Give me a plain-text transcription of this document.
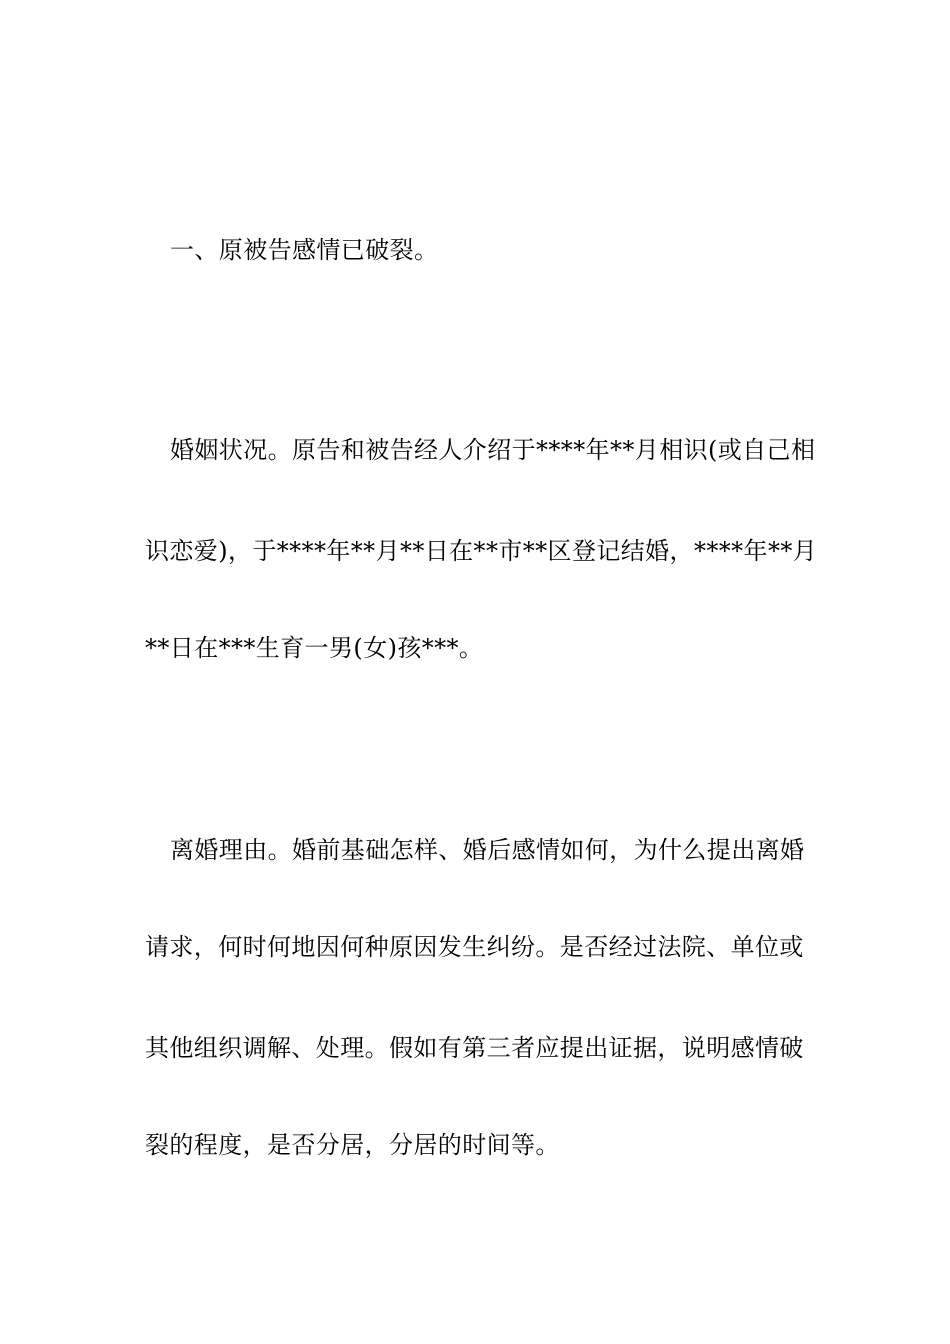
一、原被告感情已破裂。
婚姻状况。原告和被告经人介绍于****年**月相识(或自己相
识恋爱)，于****年**月**日在**市**区登记结婚，****年**月
**日在***生育一男(女)孩***。
离婚理由。婚前基础怎样、婚后感情如何，为什么提出离婚
请求，何时何地因何种原因发生纠纷。是否经过法院、单位或
其他组织调解、处理。假如有第三者应提出证据，说明感情破
裂的程度，是否分居，分居的时间等。
